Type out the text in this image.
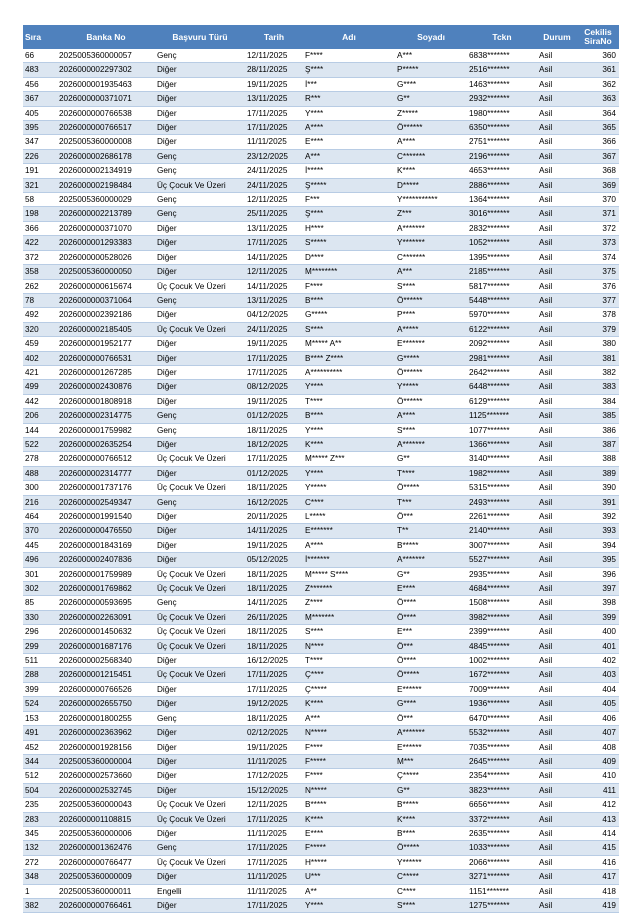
Sıra	Banka No	Başvuru Türü	Tarih	Adı	Soyadı	Tckn	Durum	Cekilis SiraNo
66	2025005360000057	Genç	12/11/2025	F****	A***	6838*******	Asil	360
483	2026000002297302	Diğer	28/11/2025	Ş****	P*****	2516*******	Asil	361
456	2026000001935463	Diğer	19/11/2025	İ***	G****	1463*******	Asil	362
367	2026000000371071	Diğer	13/11/2025	R***	G**	2932*******	Asil	363
405	2026000000766538	Diğer	17/11/2025	Y****	Z*****	1980*******	Asil	364
395	2026000000766517	Diğer	17/11/2025	A****	Ö******	6350*******	Asil	365
347	2025005360000008	Diğer	11/11/2025	E****	A****	2751*******	Asil	366
226	2026000002686178	Genç	23/12/2025	A***	C*******	2196*******	Asil	367
191	2026000002134919	Genç	24/11/2025	İ*****	K****	4653*******	Asil	368
321	2026000002198484	Üç Çocuk Ve Üzeri	24/11/2025	Ş*****	D*****	2886*******	Asil	369
58	2025005360000029	Genç	12/11/2025	F***	Y***********	1364*******	Asil	370
198	2026000002213789	Genç	25/11/2025	Ş****	Z***	3016*******	Asil	371
366	2026000000371070	Diğer	13/11/2025	H****	A*******	2832*******	Asil	372
422	2026000001293383	Diğer	17/11/2025	S*****	Y*******	1052*******	Asil	373
372	2026000000528026	Diğer	14/11/2025	D****	C*******	1395*******	Asil	374
358	2025005360000050	Diğer	12/11/2025	M********	A***	2185*******	Asil	375
262	2026000000615674	Üç Çocuk Ve Üzeri	14/11/2025	F****	S****	5817*******	Asil	376
78	2026000000371064	Genç	13/11/2025	B****	Ö******	5448*******	Asil	377
492	2026000002392186	Diğer	04/12/2025	G*****	P****	5970*******	Asil	378
320	2026000002185405	Üç Çocuk Ve Üzeri	24/11/2025	S****	A*****	6122*******	Asil	379
459	2026000001952177	Diğer	19/11/2025	M***** A**	E*******	2092*******	Asil	380
402	2026000000766531	Diğer	17/11/2025	B**** Z****	G*****	2981*******	Asil	381
421	2026000001267285	Diğer	17/11/2025	A**********	Ö******	2642*******	Asil	382
499	2026000002430876	Diğer	08/12/2025	Y****	Y*****	6448*******	Asil	383
442	2026000001808918	Diğer	19/11/2025	T****	Ö******	6129*******	Asil	384
206	2026000002314775	Genç	01/12/2025	B****	A****	1125*******	Asil	385
144	2026000001759982	Genç	18/11/2025	Y****	S****	1077*******	Asil	386
522	2026000002635254	Diğer	18/12/2025	K****	A*******	1366*******	Asil	387
278	2026000000766512	Üç Çocuk Ve Üzeri	17/11/2025	M***** Z***	G**	3140*******	Asil	388
488	2026000002314777	Diğer	01/12/2025	Y****	T****	1982*******	Asil	389
300	2026000001737176	Üç Çocuk Ve Üzeri	18/11/2025	Y*****	Ö*****	5315*******	Asil	390
216	2026000002549347	Genç	16/12/2025	C****	T***	2493*******	Asil	391
464	2026000001991540	Diğer	20/11/2025	L*****	Ö***	2261*******	Asil	392
370	2026000000476550	Diğer	14/11/2025	E*******	T**	2140*******	Asil	393
445	2026000001843169	Diğer	19/11/2025	A****	B*****	3007*******	Asil	394
496	2026000002407836	Diğer	05/12/2025	İ*******	A*******	5527*******	Asil	395
301	2026000001759989	Üç Çocuk Ve Üzeri	18/11/2025	M***** S****	G**	2935*******	Asil	396
302	2026000001769862	Üç Çocuk Ve Üzeri	18/11/2025	Z*******	E****	4684*******	Asil	397
85	2026000000593695	Genç	14/11/2025	Z****	Ö****	1508*******	Asil	398
330	2026000002263091	Üç Çocuk Ve Üzeri	26/11/2025	M*******	Ö****	3982*******	Asil	399
296	2026000001450632	Üç Çocuk Ve Üzeri	18/11/2025	S****	E***	2399*******	Asil	400
299	2026000001687176	Üç Çocuk Ve Üzeri	18/11/2025	N****	Ö***	4845*******	Asil	401
511	2026000002568340	Diğer	16/12/2025	T****	Ö****	1002*******	Asil	402
288	2026000001215451	Üç Çocuk Ve Üzeri	17/11/2025	Ç****	Ö*****	1672*******	Asil	403
399	2026000000766526	Diğer	17/11/2025	Ç*****	E******	7009*******	Asil	404
524	2026000002655750	Diğer	19/12/2025	K****	G****	1936*******	Asil	405
153	2026000001800255	Genç	18/11/2025	A***	Ö***	6470*******	Asil	406
491	2026000002363962	Diğer	02/12/2025	N*****	A*******	5532*******	Asil	407
452	2026000001928156	Diğer	19/11/2025	F****	E******	7035*******	Asil	408
344	2025005360000004	Diğer	11/11/2025	F*****	M***	2645*******	Asil	409
512	2026000002573660	Diğer	17/12/2025	F****	Ç*****	2354*******	Asil	410
504	2026000002532745	Diğer	15/12/2025	N*****	G**	3823*******	Asil	411
235	2025005360000043	Üç Çocuk Ve Üzeri	12/11/2025	B*****	B*****	6656*******	Asil	412
283	2026000001108815	Üç Çocuk Ve Üzeri	17/11/2025	K****	K****	3372*******	Asil	413
345	2025005360000006	Diğer	11/11/2025	E****	B****	2635*******	Asil	414
132	2026000001362476	Genç	17/11/2025	F*****	Ö*****	1033*******	Asil	415
272	2026000000766477	Üç Çocuk Ve Üzeri	17/11/2025	H*****	Y******	2066*******	Asil	416
348	2025005360000009	Diğer	11/11/2025	U***	C*****	3271*******	Asil	417
1	2025005360000011	Engelli	11/11/2025	A**	C****	1151*******	Asil	418
382	2026000000766461	Diğer	17/11/2025	Y****	S****	1275*******	Asil	419
